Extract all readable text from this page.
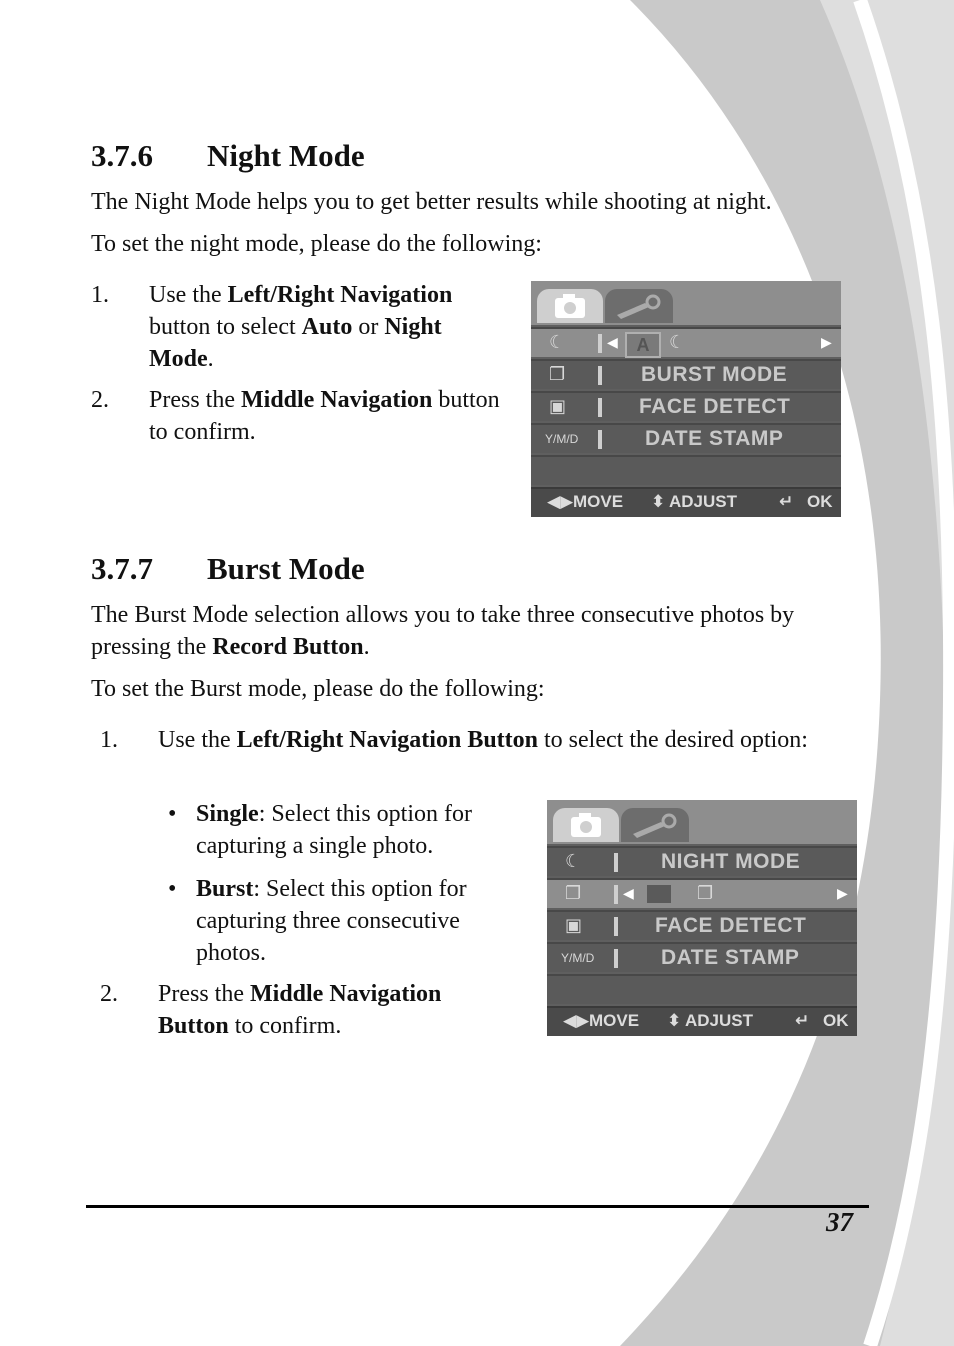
3.7.6 Night Mode

The Night Mode helps you to get better results while shooting at night.

To set the night mode, please do the following:

1. Use the Left/Right Navigation button to select Auto or Night Mode.
2. Press the Middle Navigation button to confirm.
☾	◀	A	☾	▶
❐	BURST MODE
▣	FACE DETECT
Y/M/D	DATE STAMP
◀▶ MOVE ⬍ ADJUST ↵ OK
3.7.7 Burst Mode

The Burst Mode selection allows you to take three consecutive photos by pressing the Record Button.

To set the Burst mode, please do the following:

1. Use the Left/Right Navigation Button to select the desired option:
• Single: Select this option for capturing a single photo.
• Burst: Select this option for capturing three consecutive photos.
2. Press the Middle Navigation Button to confirm.
☾	NIGHT MODE
❐	◀	❐	▶
▣	FACE DETECT
Y/M/D	DATE STAMP
◀▶ MOVE ⬍ ADJUST ↵ OK
37
